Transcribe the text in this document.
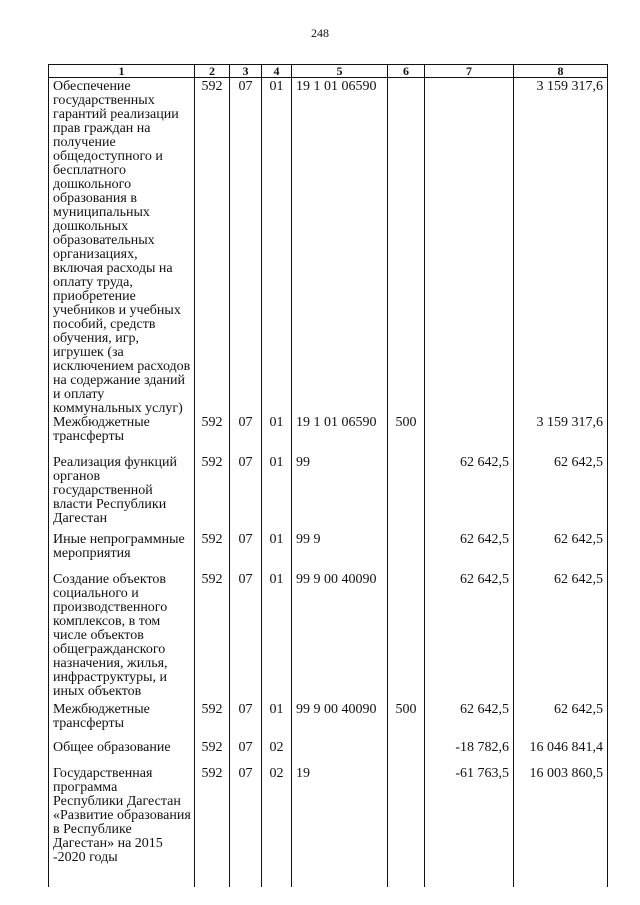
248
1	2	3	4	5	6	7	8
Обеспечение государственных гарантий реализации прав граждан на получение общедоступного и бесплатного дошкольного образования в муниципальных дошкольных образовательных организациях, включая расходы на оплату труда, приобретение учебников и учебных пособий, средств обучения, игр, игрушек (за исключением расходов на содержание зданий и оплату коммунальных услуг)	592	07	01	19 1 01 06590			3 159 317,6
Межбюджетные трансферты	592	07	01	19 1 01 06590	500		3 159 317,6
Реализация функций органов государственной власти Республики Дагестан	592	07	01	99		62 642,5	62 642,5
Иные непрограммные мероприятия	592	07	01	99 9		62 642,5	62 642,5
Создание объектов социального и производственного комплексов, в том числе объектов общегражданского назначения, жилья, инфраструктуры, и иных объектов	592	07	01	99 9 00 40090		62 642,5	62 642,5
Межбюджетные трансферты	592	07	01	99 9 00 40090	500	62 642,5	62 642,5
Общее образование	592	07	02			-18 782,6	16 046 841,4
Государственная программа Республики Дагестан «Развитие образования в Республике Дагестан» на 2015 -2020 годы	592	07	02	19		-61 763,5	16 003 860,5
